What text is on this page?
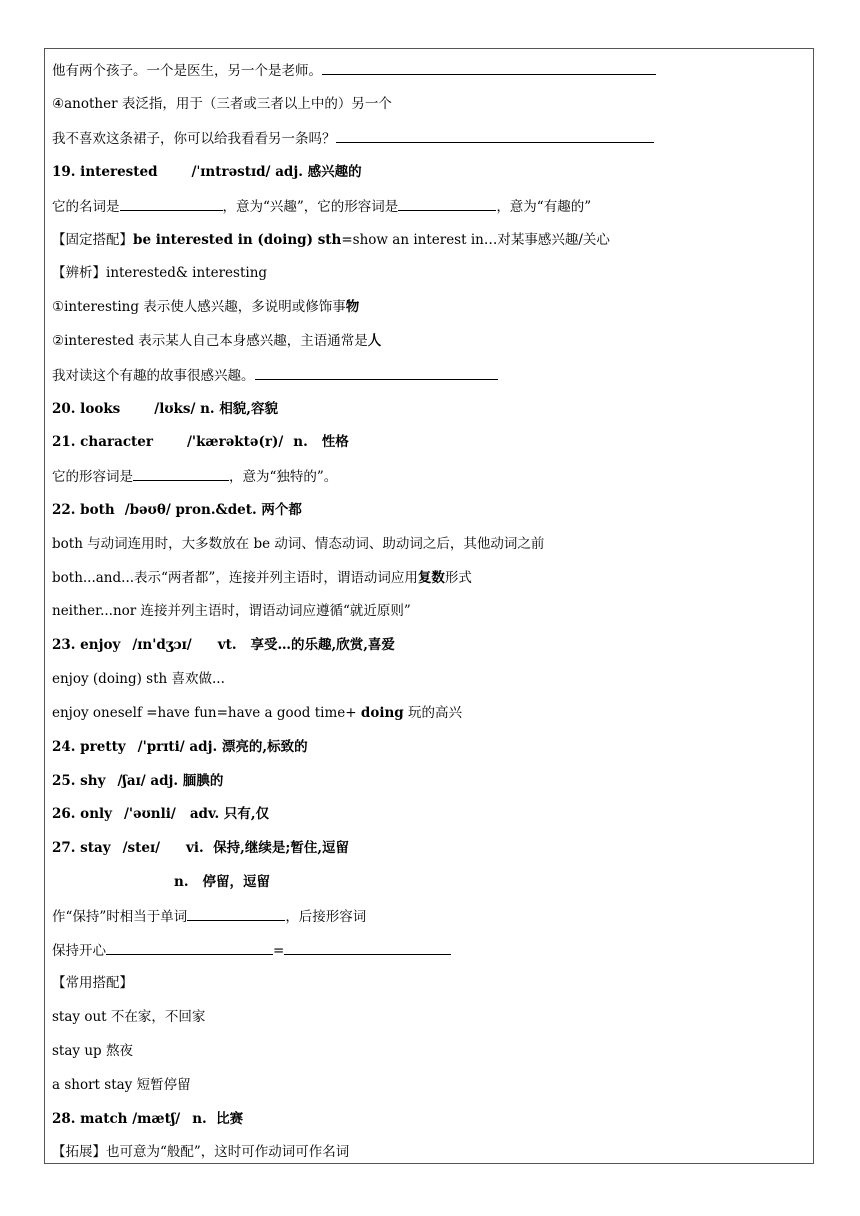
他有两个孩子。一个是医生，另一个是老师。
④another 表泛指，用于（三者或三者以上中的）另一个
我不喜欢这条裙子，你可以给我看看另一条吗？
19. interested	/ˈɪntrəstɪd/ adj. 感兴趣的
它的名词是	，意为“兴趣”，它的形容词是	，意为“有趣的”
【固定搭配】be interested in (doing) sth=show an interest in…对某事感兴趣/关心
【辨析】interested& interesting
①interesting 表示使人感兴趣，多说明或修饰事物
②interested 表示某人自己本身感兴趣，主语通常是人
我对读这个有趣的故事很感兴趣。
20. looks	/lʊks/ n. 相貌,容貌
21. character	/'kærəktə(r)/ n. 性格
它的形容词是	，意为“独特的”。
22. both /bəʊθ/ pron.&det. 两个都
both 与动词连用时，大多数放在 be 动词、情态动词、助动词之后，其他动词之前
both...and...表示“两者都”，连接并列主语时，谓语动词应用复数形式
neither...nor 连接并列主语时，谓语动词应遵循“就近原则”
23. enjoy /ɪn'dʒɔɪ/ vt. 享受…的乐趣,欣赏,喜爱
enjoy (doing) sth 喜欢做...
enjoy oneself =have fun=have a good time+ doing 玩的高兴
24. pretty /'prɪti/ adj. 漂亮的,标致的
25. shy /ʃaɪ/ adj. 腼腆的
26. only /'əʊnli/ adv. 只有,仅
27. stay /steɪ/ vi. 保持,继续是;暂住,逗留
n. 停留，逗留
作“保持”时相当于单词	，后接形容词
保持开心	=
【常用搭配】
stay out 不在家，不回家
stay up 熬夜
a short stay 短暂停留
28. match /mætʃ/ n. 比赛
【拓展】也可意为“般配”，这时可作动词可作名词
